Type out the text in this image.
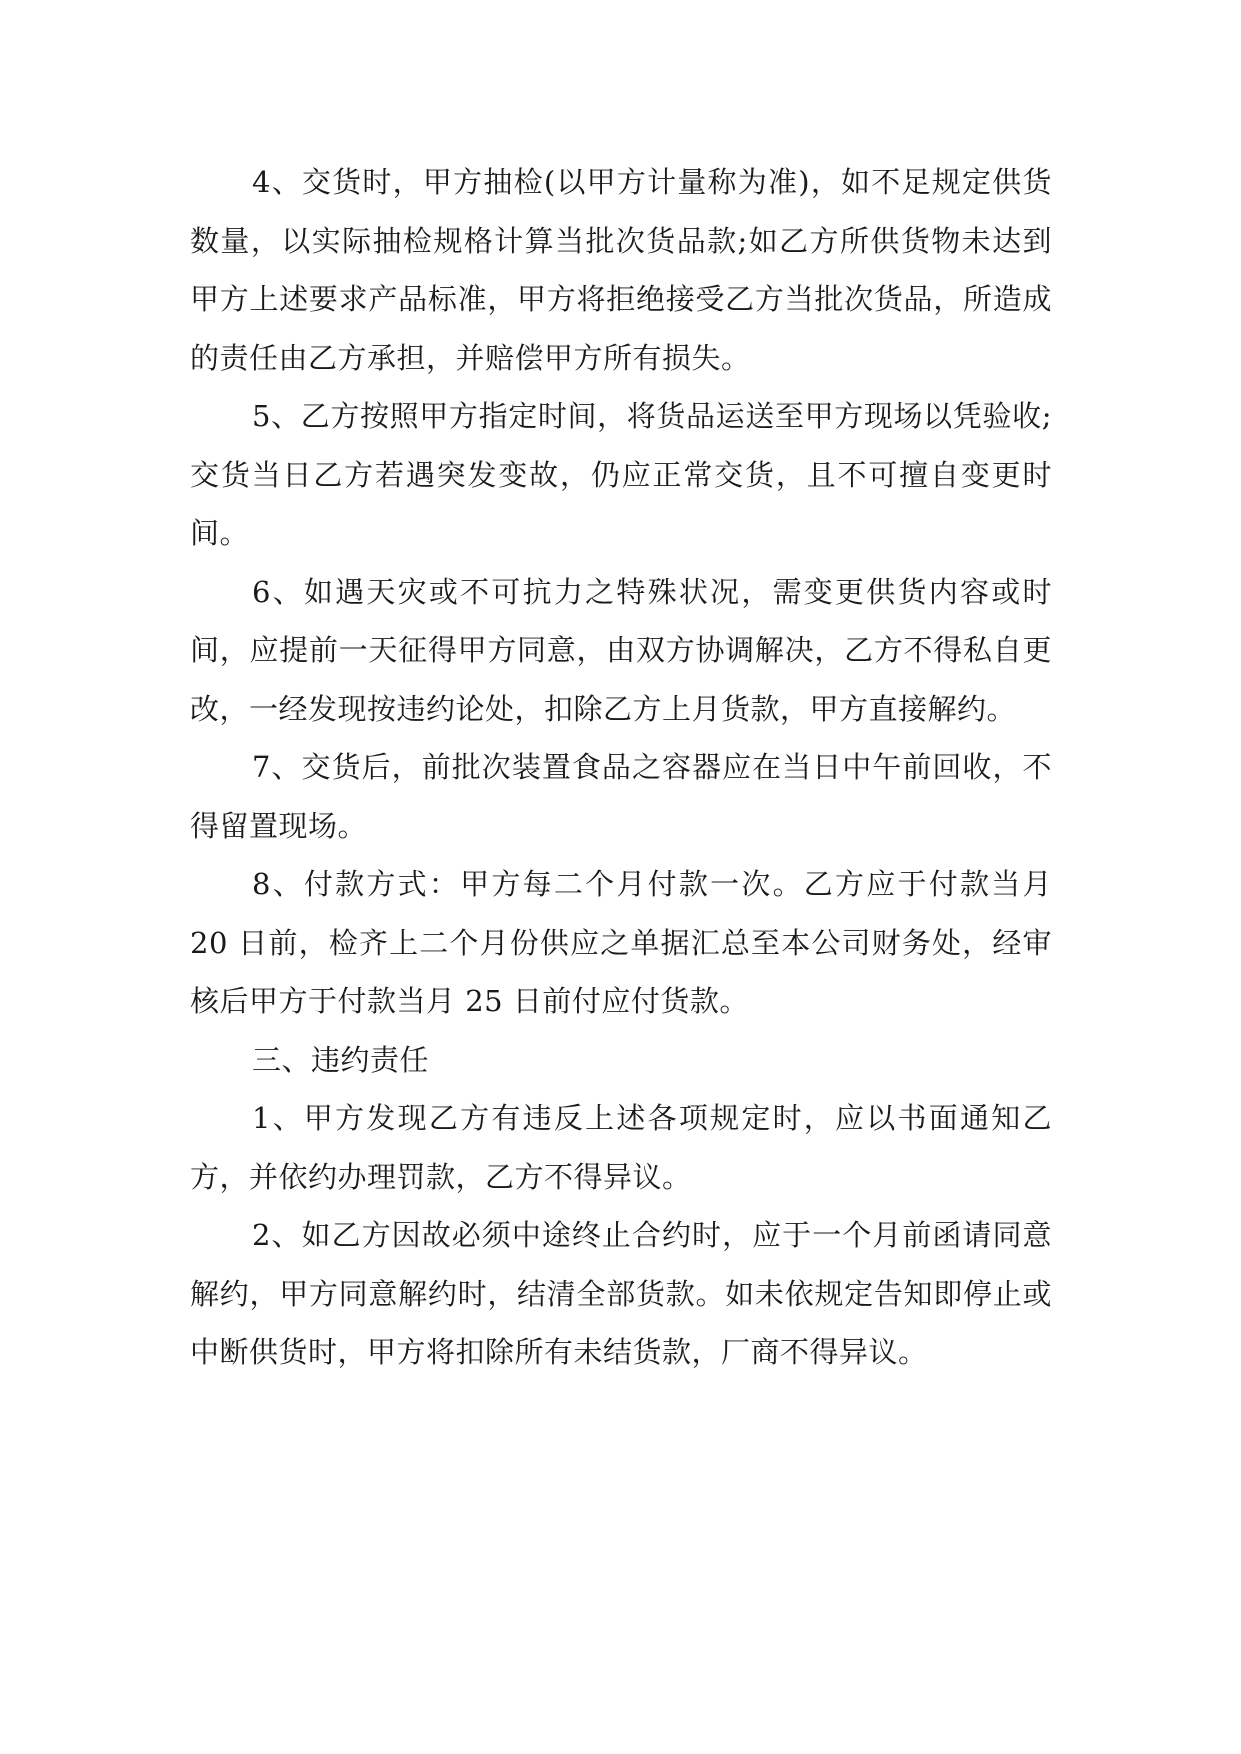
4、交货时，甲方抽检(以甲方计量称为准)，如不足规定供货数量，以实际抽检规格计算当批次货品款;如乙方所供货物未达到甲方上述要求产品标准，甲方将拒绝接受乙方当批次货品，所造成的责任由乙方承担，并赔偿甲方所有损失。

5、乙方按照甲方指定时间，将货品运送至甲方现场以凭验收;交货当日乙方若遇突发变故，仍应正常交货，且不可擅自变更时间。

6、如遇天灾或不可抗力之特殊状况，需变更供货内容或时间，应提前一天征得甲方同意，由双方协调解决，乙方不得私自更改，一经发现按违约论处，扣除乙方上月货款，甲方直接解约。

7、交货后，前批次装置食品之容器应在当日中午前回收，不得留置现场。

8、付款方式：甲方每二个月付款一次。乙方应于付款当月 20 日前，检齐上二个月份供应之单据汇总至本公司财务处，经审核后甲方于付款当月 25 日前付应付货款。

三、违约责任

1、甲方发现乙方有违反上述各项规定时，应以书面通知乙方，并依约办理罚款，乙方不得异议。

2、如乙方因故必须中途终止合约时，应于一个月前函请同意解约，甲方同意解约时，结清全部货款。如未依规定告知即停止或中断供货时，甲方将扣除所有未结货款，厂商不得异议。
